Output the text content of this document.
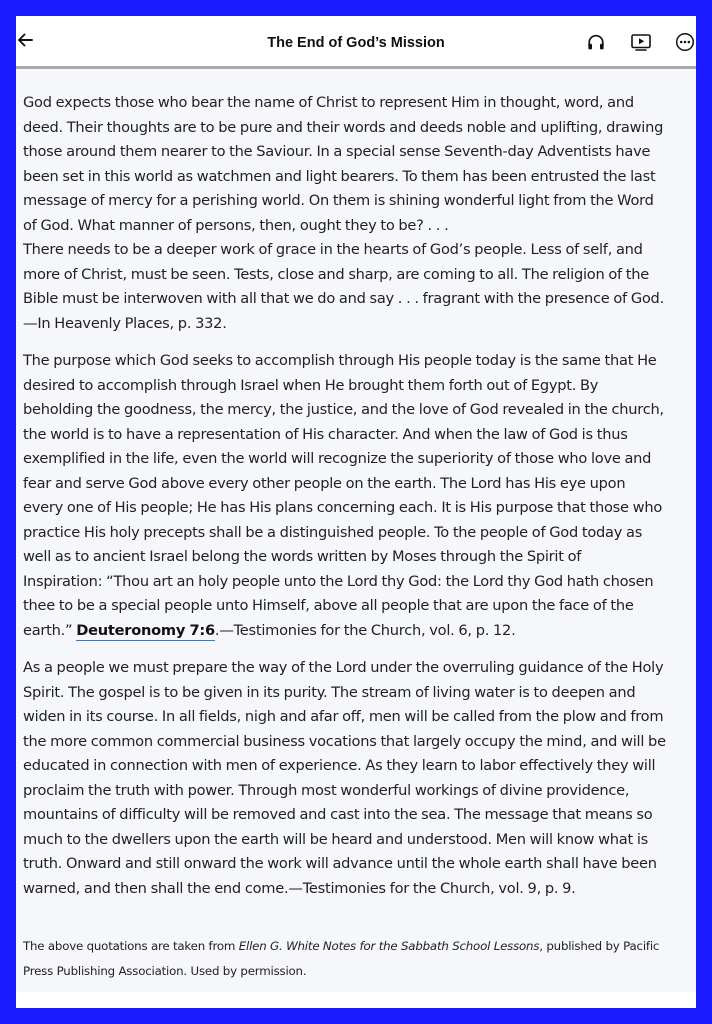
The End of God’s Mission

God expects those who bear the name of Christ to represent Him in thought, word, and
deed. Their thoughts are to be pure and their words and deeds noble and uplifting, drawing
those around them nearer to the Saviour. In a special sense Seventh-day Adventists have
been set in this world as watchmen and light bearers. To them has been entrusted the last
message of mercy for a perishing world. On them is shining wonderful light from the Word
of God. What manner of persons, then, ought they to be? . . .
There needs to be a deeper work of grace in the hearts of God’s people. Less of self, and
more of Christ, must be seen. Tests, close and sharp, are coming to all. The religion of the
Bible must be interwoven with all that we do and say . . . fragrant with the presence of God.
—In Heavenly Places, p. 332.

The purpose which God seeks to accomplish through His people today is the same that He
desired to accomplish through Israel when He brought them forth out of Egypt. By
beholding the goodness, the mercy, the justice, and the love of God revealed in the church,
the world is to have a representation of His character. And when the law of God is thus
exemplified in the life, even the world will recognize the superiority of those who love and
fear and serve God above every other people on the earth. The Lord has His eye upon
every one of His people; He has His plans concerning each. It is His purpose that those who
practice His holy precepts shall be a distinguished people. To the people of God today as
well as to ancient Israel belong the words written by Moses through the Spirit of
Inspiration: “Thou art an holy people unto the Lord thy God: the Lord thy God hath chosen
thee to be a special people unto Himself, above all people that are upon the face of the
earth.” Deuteronomy 7:6.—Testimonies for the Church, vol. 6, p. 12.

As a people we must prepare the way of the Lord under the overruling guidance of the Holy
Spirit. The gospel is to be given in its purity. The stream of living water is to deepen and
widen in its course. In all fields, nigh and afar off, men will be called from the plow and from
the more common commercial business vocations that largely occupy the mind, and will be
educated in connection with men of experience. As they learn to labor effectively they will
proclaim the truth with power. Through most wonderful workings of divine providence,
mountains of difficulty will be removed and cast into the sea. The message that means so
much to the dwellers upon the earth will be heard and understood. Men will know what is
truth. Onward and still onward the work will advance until the whole earth shall have been
warned, and then shall the end come.—Testimonies for the Church, vol. 9, p. 9.

The above quotations are taken from Ellen G. White Notes for the Sabbath School Lessons, published by Pacific
Press Publishing Association. Used by permission.
